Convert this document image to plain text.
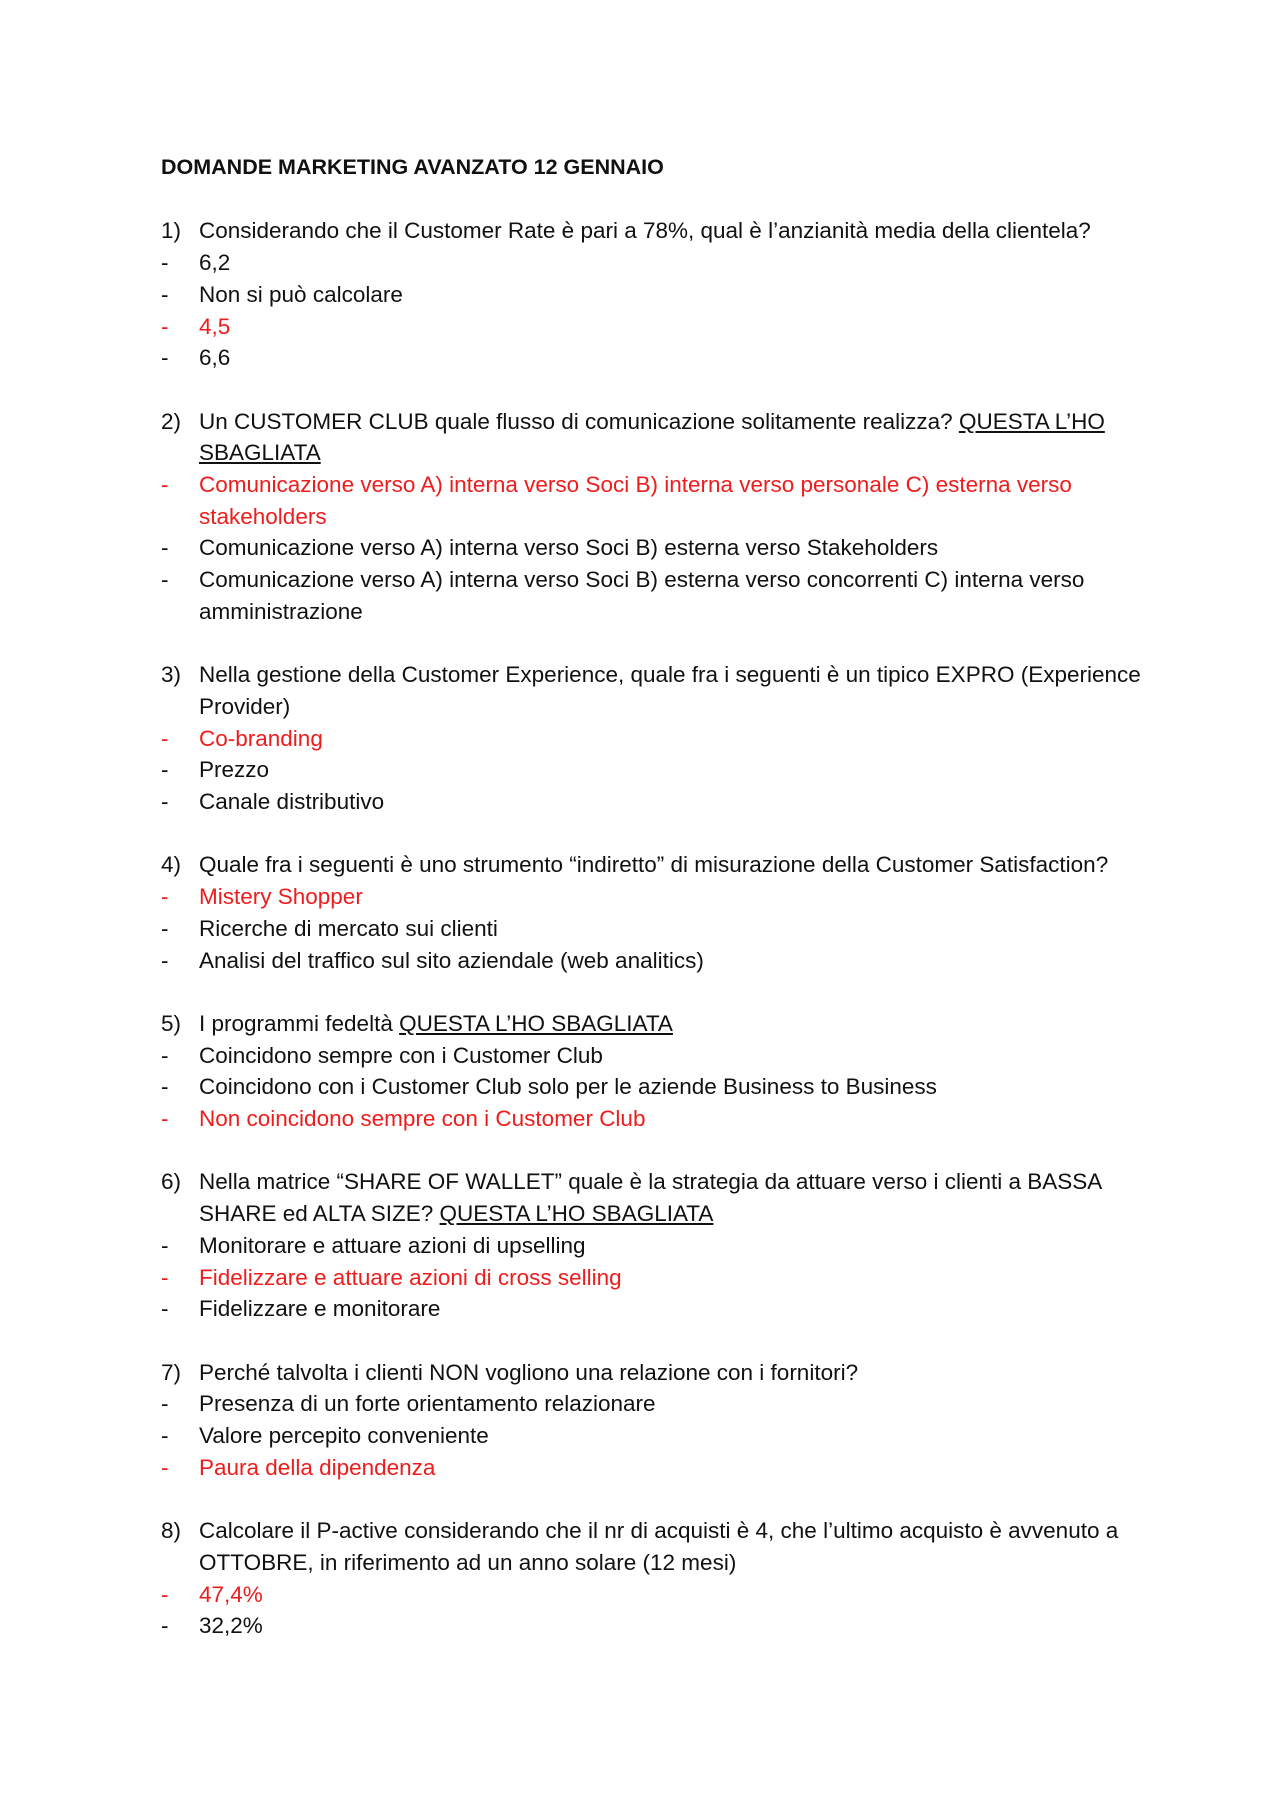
DOMANDE MARKETING AVANZATO 12 GENNAIO
1) Considerando che il Customer Rate è pari a 78%, qual è l’anzianità media della clientela?
-	6,2
-	Non si può calcolare
-	4,5
-	6,6
2) Un CUSTOMER CLUB quale flusso di comunicazione solitamente realizza? QUESTA L’HO SBAGLIATA
-	Comunicazione verso A) interna verso Soci B) interna verso personale C) esterna verso stakeholders
-	Comunicazione verso A) interna verso Soci B) esterna verso Stakeholders
-	Comunicazione verso A) interna verso Soci B) esterna verso concorrenti C) interna verso amministrazione
3) Nella gestione della Customer Experience, quale fra i seguenti è un tipico EXPRO (Experience Provider)
-	Co-branding
-	Prezzo
-	Canale distributivo
4) Quale fra i seguenti è uno strumento “indiretto” di misurazione della Customer Satisfaction?
-	Mistery Shopper
-	Ricerche di mercato sui clienti
-	Analisi del traffico sul sito aziendale (web analitics)
5) I programmi fedeltà QUESTA L’HO SBAGLIATA
-	Coincidono sempre con i Customer Club
-	Coincidono con i Customer Club solo per le aziende Business to Business
-	Non coincidono sempre con i Customer Club
6) Nella matrice “SHARE OF WALLET” quale è la strategia da attuare verso i clienti a BASSA SHARE ed ALTA SIZE? QUESTA L’HO SBAGLIATA
-	Monitorare e attuare azioni di upselling
-	Fidelizzare e attuare azioni di cross selling
-	Fidelizzare e monitorare
7) Perché talvolta i clienti NON vogliono una relazione con i fornitori?
-	Presenza di un forte orientamento relazionare
-	Valore percepito conveniente
-	Paura della dipendenza
8) Calcolare il P-active considerando che il nr di acquisti è 4, che l’ultimo acquisto è avvenuto a OTTOBRE, in riferimento ad un anno solare (12 mesi)
-	47,4%
-	32,2%
